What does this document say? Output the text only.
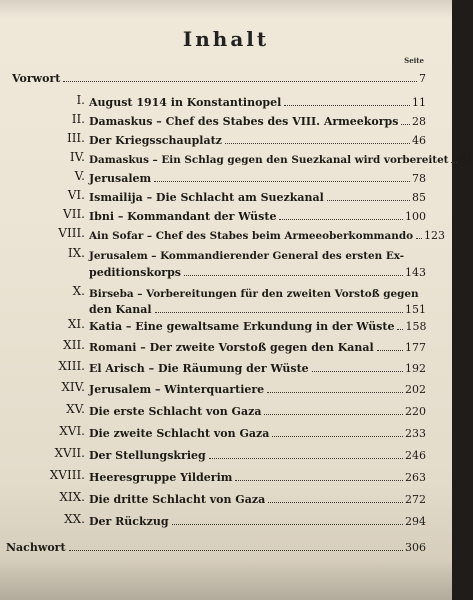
Inhalt
Seite
Vorwort	7
I. August 1914 in Konstantinopel	11
II. Damaskus – Chef des Stabes des VIII. Armeekorps 28
III. Der Kriegsschauplatz	46
IV. Damaskus – Ein Schlag gegen den Suezkanal wird vorbereitet 61
V. Jerusalem	78
VI. Ismailija – Die Schlacht am Suezkanal	85
VII. Ibni – Kommandant der Wüste	100
VIII. Ain Sofar – Chef des Stabes beim Armeeoberkommando 123
IX. Jerusalem – Kommandierender General des ersten Ex-
peditionskorps	143
X. Birseba – Vorbereitungen für den zweiten Vorstoß gegen
den Kanal	151
XI. Katia – Eine gewaltsame Erkundung in der Wüste 158
XII. Romani – Der zweite Vorstoß gegen den Kanal	177
XIII. El Arisch – Die Räumung der Wüste	192
XIV. Jerusalem – Winterquartiere	202
XV. Die erste Schlacht von Gaza	220
XVI. Die zweite Schlacht von Gaza	233
XVII. Der Stellungskrieg	246
XVIII. Heeresgruppe Yilderim	263
XIX. Die dritte Schlacht von Gaza	272
XX. Der Rückzug	294
Nachwort	306
